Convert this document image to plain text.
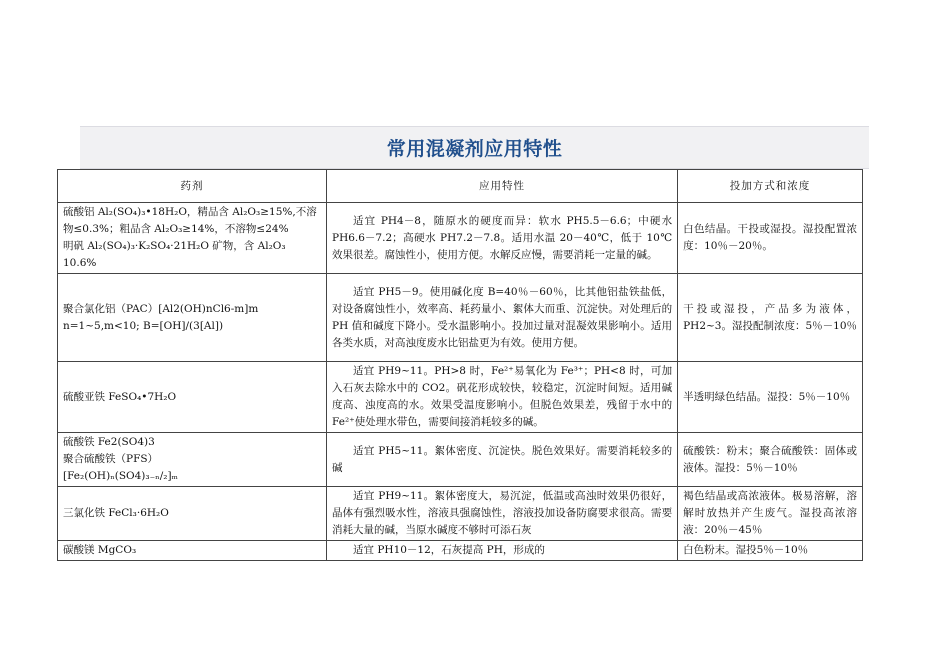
常用混凝剂应用特性
药剂	应用特性	投加方式和浓度

硫酸铝 Al₂(SO₄)₃•18H₂O，精品含 Al₂O₃≥15%,不溶物≤0.3%；粗品含 Al₂O₃≥14%，不溶物≤24%
明矾 Al₂(SO₄)₃·K₂SO₄·21H₂O 矿物，含 Al₂O₃ 10.6%	适宜 PH4－8，随原水的硬度而异：软水 PH5.5－6.6；中硬水 PH6.6－7.2；高硬水 PH7.2－7.8。适用水温 20－40℃，低于 10℃效果很差。腐蚀性小，使用方便。水解反应慢，需要消耗一定量的碱。	白色结晶。干投或湿投。湿投配置浓度：10％－20％。

聚合氯化铝（PAC）[Al2(OH)nCl6-m]m
n=1~5,m<10; B=[OH]/(3[Al])	适宜 PH5－9。使用碱化度 B=40％－60％，比其他铝盐铁盐低，对设备腐蚀性小，效率高、耗药量小、絮体大而重、沉淀快。对处理后的 PH 值和碱度下降小。受水温影响小。投加过量对混凝效果影响小。适用各类水质，对高浊度废水比铝盐更为有效。使用方便。	干投或湿投，产品多为液体，PH2~3。湿投配制浓度：5％－10％

硫酸亚铁 FeSO₄•7H₂O	适宜 PH9~11。PH>8 时，Fe²⁺易氧化为 Fe³⁺；PH<8 时，可加入石灰去除水中的 CO2。矾花形成较快，较稳定，沉淀时间短。适用碱度高、浊度高的水。效果受温度影响小。但脱色效果差，残留于水中的 Fe²⁺使处理水带色，需要间接消耗较多的碱。	半透明绿色结晶。湿投：5％－10％

硫酸铁 Fe2(SO4)3
聚合硫酸铁（PFS）
[Fe₂(OH)ₙ(SO4)₃₋ₙ/₂]ₘ	适宜 PH5~11。絮体密度、沉淀快。脱色效果好。需要消耗较多的碱	硫酸铁：粉末；聚合硫酸铁：固体或液体。湿投：5％－10％

三氯化铁 FeCl₃·6H₂O	适宜 PH9~11。絮体密度大，易沉淀，低温或高浊时效果仍很好，晶体有强烈吸水性，溶液具强腐蚀性，溶液投加设备防腐要求很高。需要消耗大量的碱，当原水碱度不够时可添石灰	褐色结晶或高浓液体。极易溶解，溶解时放热并产生废气。湿投高浓溶液：20％－45％

碳酸镁 MgCO₃	适宜 PH10－12，石灰提高 PH，形成的	白色粉末。湿投5％－10％
